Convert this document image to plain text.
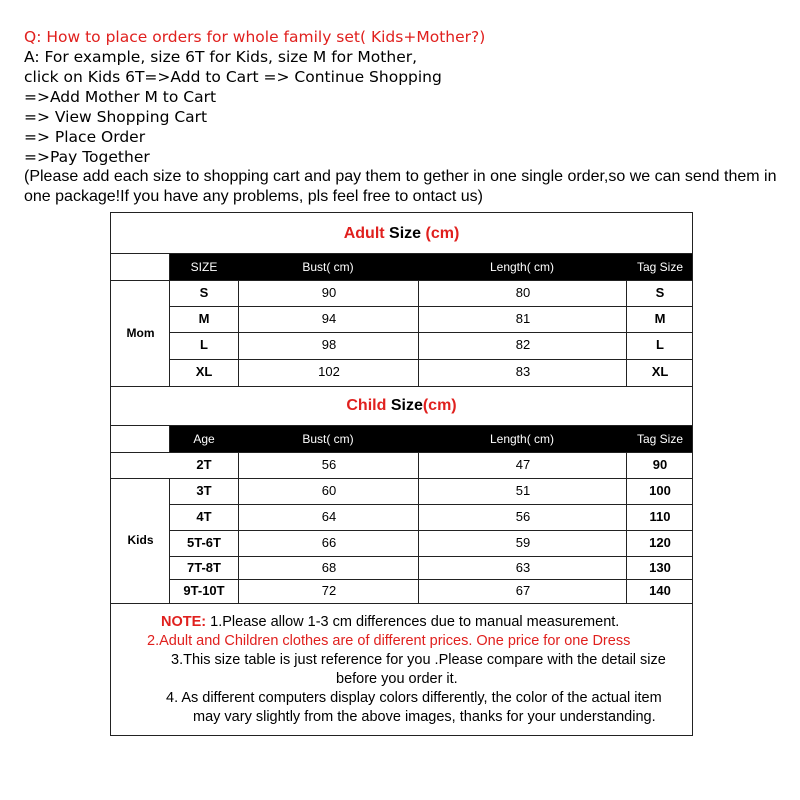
Q: How to place orders for whole family set( Kids+Mother?)
A: For example, size 6T for Kids, size M for Mother,
click on Kids 6T=>Add to Cart => Continue Shopping
=>Add Mother M to Cart
=> View Shopping Cart
=> Place Order
=>Pay Together
(Please add each size to shopping cart and pay them to gether in one single order,so we can send them in one package!If you have any problems, pls feel free to ontact us)
Adult Size (cm)
SIZE	Bust( cm)	Length( cm)	Tag Size
Mom
S	90	80	S
M	94	81	M
L	98	82	L
XL	102	83	XL
Child Size(cm)
Age	Bust( cm)	Length( cm)	Tag Size
Kids
2T	56	47	90
3T	60	51	100
4T	64	56	110
5T-6T	66	59	120
7T-8T	68	63	130
9T-10T	72	67	140
NOTE: 1.Please allow 1-3 cm differences due to manual measurement.
2.Adult and Children clothes are of different prices. One price for one Dress
3.This size table is just reference for you .Please compare with the detail size
before you order it.
4. As different computers display colors differently, the color of the actual item
may vary slightly from the above images, thanks for your understanding.
